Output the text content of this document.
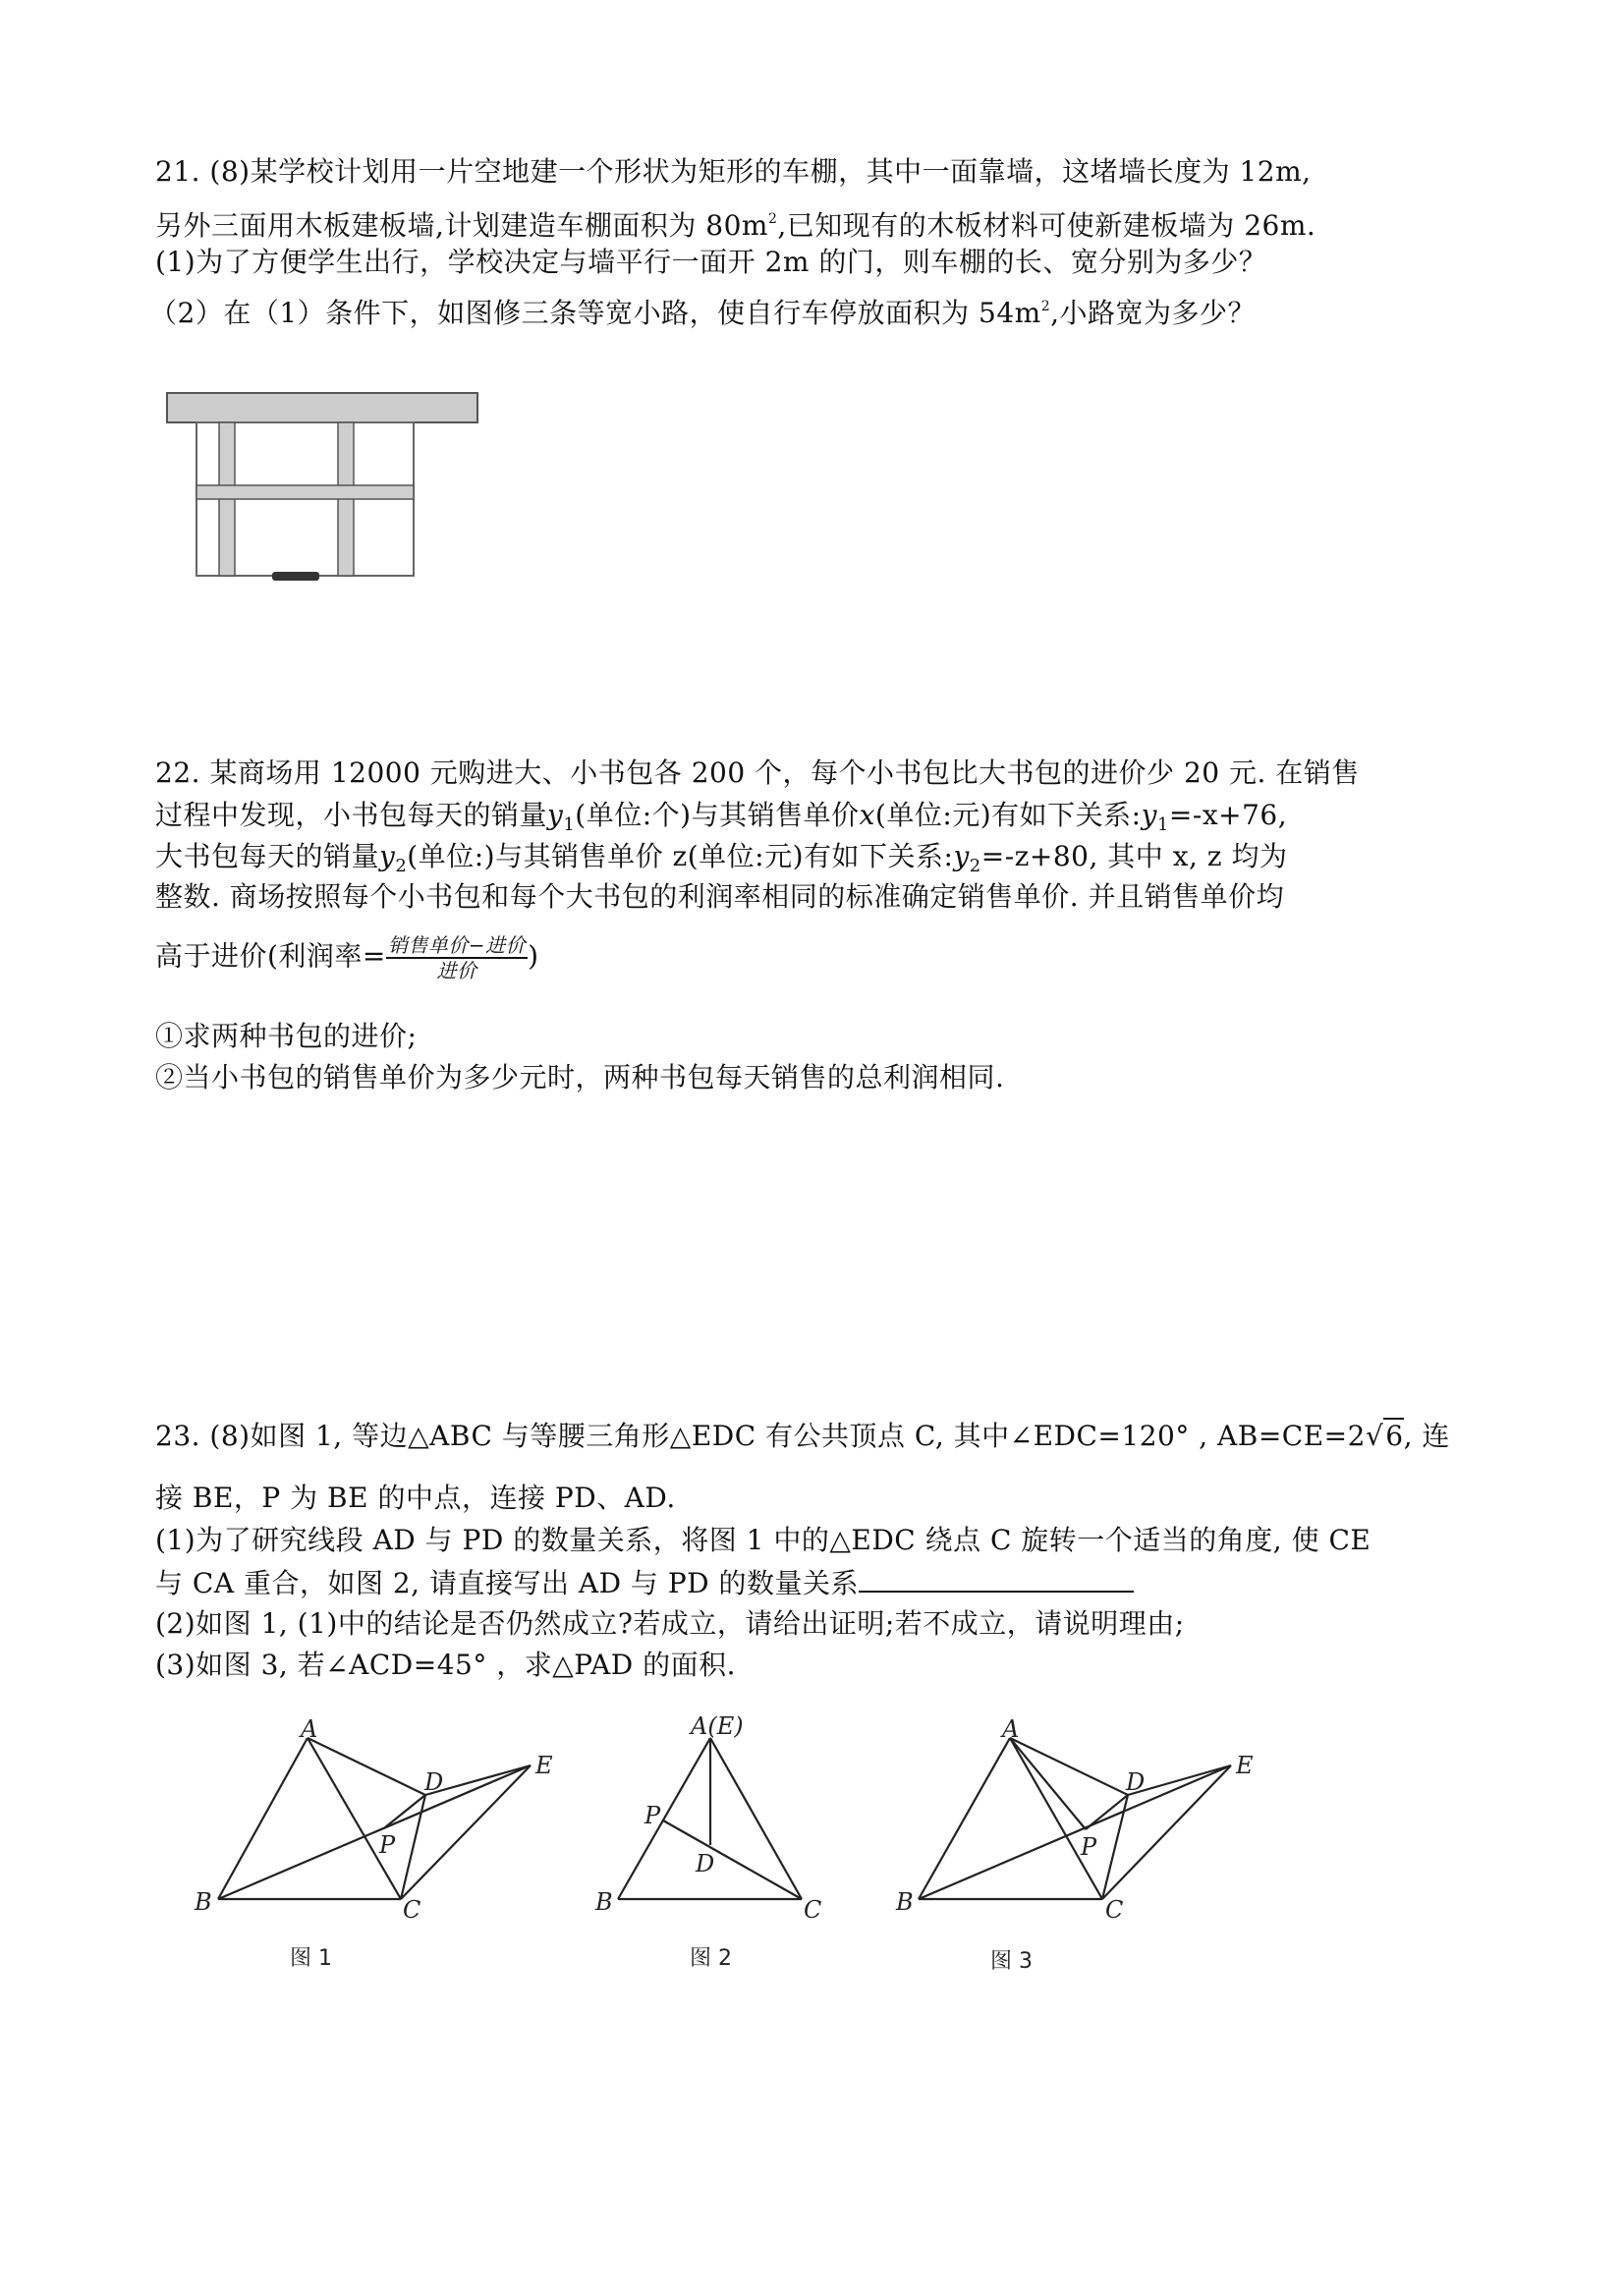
21. (8)某学校计划用一片空地建一个形状为矩形的车棚，其中一面靠墙，这堵墙长度为 12m,
另外三面用木板建板墙,计划建造车棚面积为 $80m^2$,已知现有的木板材料可使新建板墙为 26m.
(1)为了方便学生出行，学校决定与墙平行一面开 2m 的门，则车棚的长、宽分别为多少？
（2）在（1）条件下，如图修三条等宽小路，使自行车停放面积为 $54m^2$,小路宽为多少？
22. 某商场用 12000 元购进大、小书包各 200 个，每个小书包比大书包的进价少 20 元. 在销售
过程中发现，小书包每天的销量$y_1$(单位:个)与其销售单价x(单位:元)有如下关系$:y_1=-x+76$,
大书包每天的销量$y_2$(单位:)与其销售单价 z(单位:元)有如下关系$:y_2=-z+80$, 其中 x, z 均为
整数. 商场按照每个小书包和每个大书包的利润率相同的标准确定销售单价. 并且销售单价均
高于进价(利润率= $\frac{\text{销售单价−进价}}{\text{进价}}$ )
①求两种书包的进价;
②当小书包的销售单价为多少元时，两种书包每天销售的总利润相同.
23. (8)如图 1, 等边△ABC 与等腰三角形△EDC 有公共顶点 C, 其中∠EDC=120° , AB=CE=2√6, 连
接 BE，P 为 BE 的中点，连接 PD、AD.
(1)为了研究线段 AD 与 PD 的数量关系，将图 1 中的△EDC 绕点 C 旋转一个适当的角度, 使 CE
与 CA 重合，如图 2, 请直接写出 AD 与 PD 的数量关系
(2)如图 1, (1)中的结论是否仍然成立?若成立，请给出证明;若不成立，请说明理由;
(3)如图 3, 若∠ACD=45° ，求△PAD 的面积.
A
B	C
D
E
P
图 1
A(E)
B	C
D
P
图 2
A
B	C
D
E
P
图 3
